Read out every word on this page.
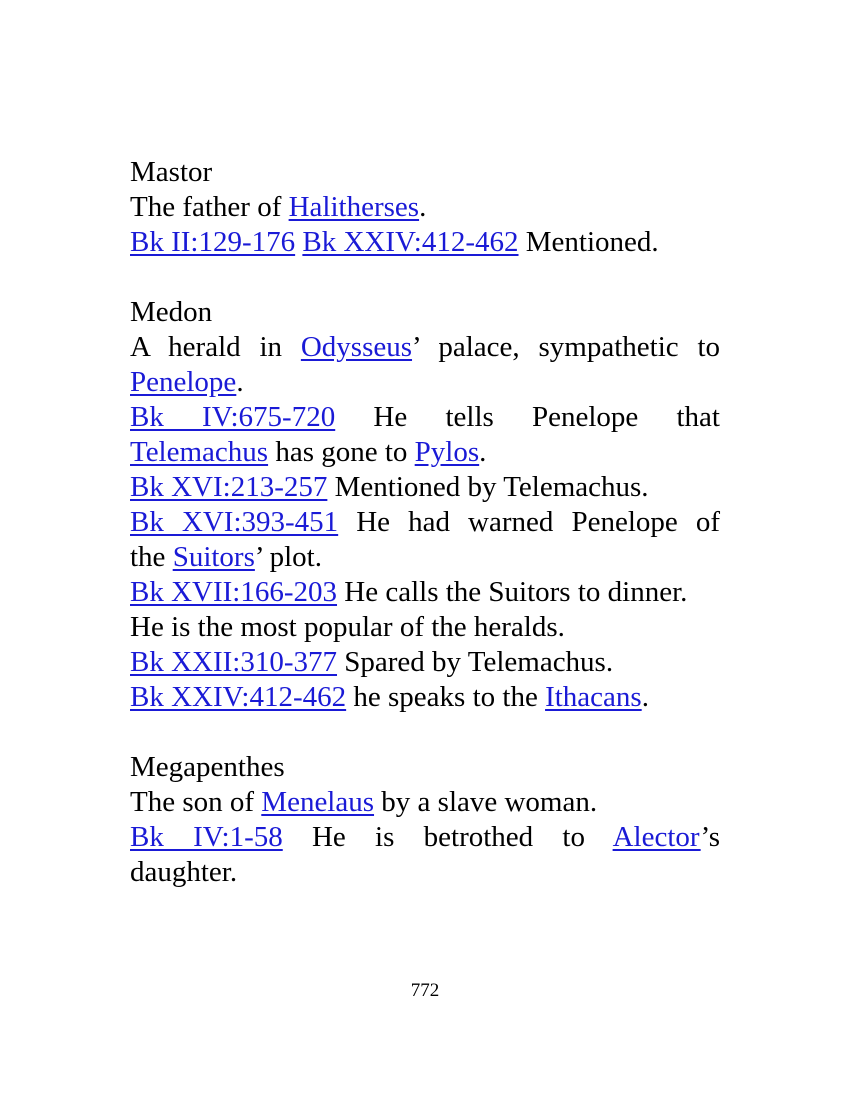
Mastor
The father of Halitherses.
Bk II:129-176 Bk XXIV:412-462 Mentioned.
Medon
A herald in Odysseus’ palace, sympathetic to
Penelope.
Bk IV:675-720 He tells Penelope that
Telemachus has gone to Pylos.
Bk XVI:213-257 Mentioned by Telemachus.
Bk XVI:393-451 He had warned Penelope of
the Suitors’ plot.
Bk XVII:166-203 He calls the Suitors to dinner.
He is the most popular of the heralds.
Bk XXII:310-377 Spared by Telemachus.
Bk XXIV:412-462 he speaks to the Ithacans.
Megapenthes
The son of Menelaus by a slave woman.
Bk IV:1-58 He is betrothed to Alector’s
daughter.
772
